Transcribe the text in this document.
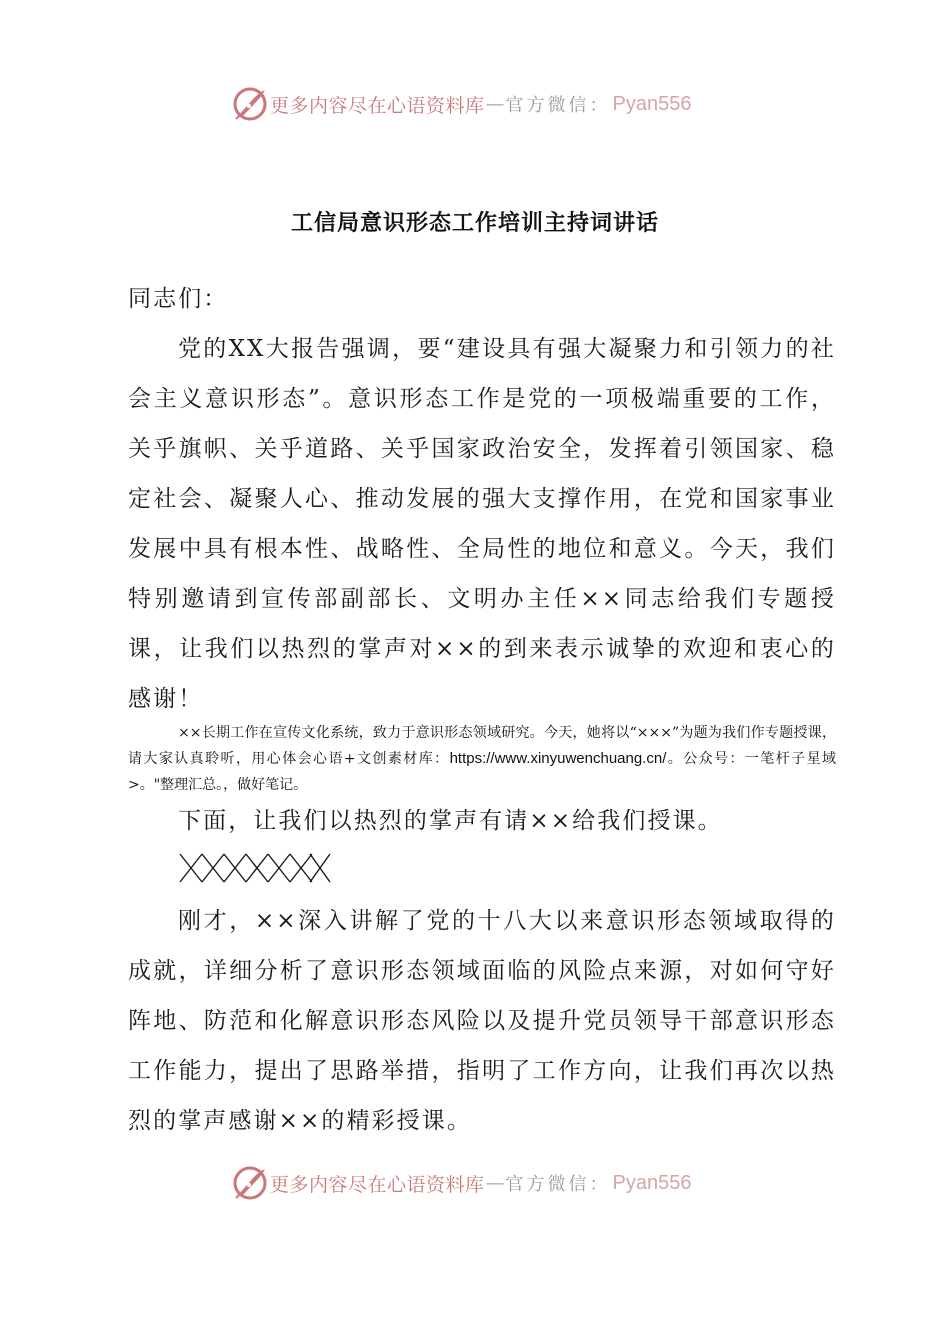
更多内容尽在心语资料库 — 官方微信： Pyan556
工信局意识形态工作培训主持词讲话
同志们：
党的XX大报告强调，要“建设具有强大凝聚力和引领力的社会主义意识形态”。意识形态工作是党的一项极端重要的工作，关乎旗帜、关乎道路、关乎国家政治安全，发挥着引领国家、稳定社会、凝聚人心、推动发展的强大支撑作用，在党和国家事业发展中具有根本性、战略性、全局性的地位和意义。今天，我们特别邀请到宣传部副部长、文明办主任××同志给我们专题授课，让我们以热烈的掌声对××的到来表示诚挚的欢迎和衷心的感谢！
××长期工作在宣传文化系统，致力于意识形态领域研究。今天，她将以“×××”为题为我们作专题授课，请大家认真聆听，用心体会心语+文创素材库：https://www.xinyuwenchuang.cn/。公众号：一笔杆子星域>。"整理汇总。，做好笔记。
下面，让我们以热烈的掌声有请××给我们授课。
刚才，××深入讲解了党的十八大以来意识形态领域取得的成就，详细分析了意识形态领域面临的风险点来源，对如何守好阵地、防范和化解意识形态风险以及提升党员领导干部意识形态工作能力，提出了思路举措，指明了工作方向，让我们再次以热烈的掌声感谢××的精彩授课。
更多内容尽在心语资料库 — 官方微信： Pyan556
